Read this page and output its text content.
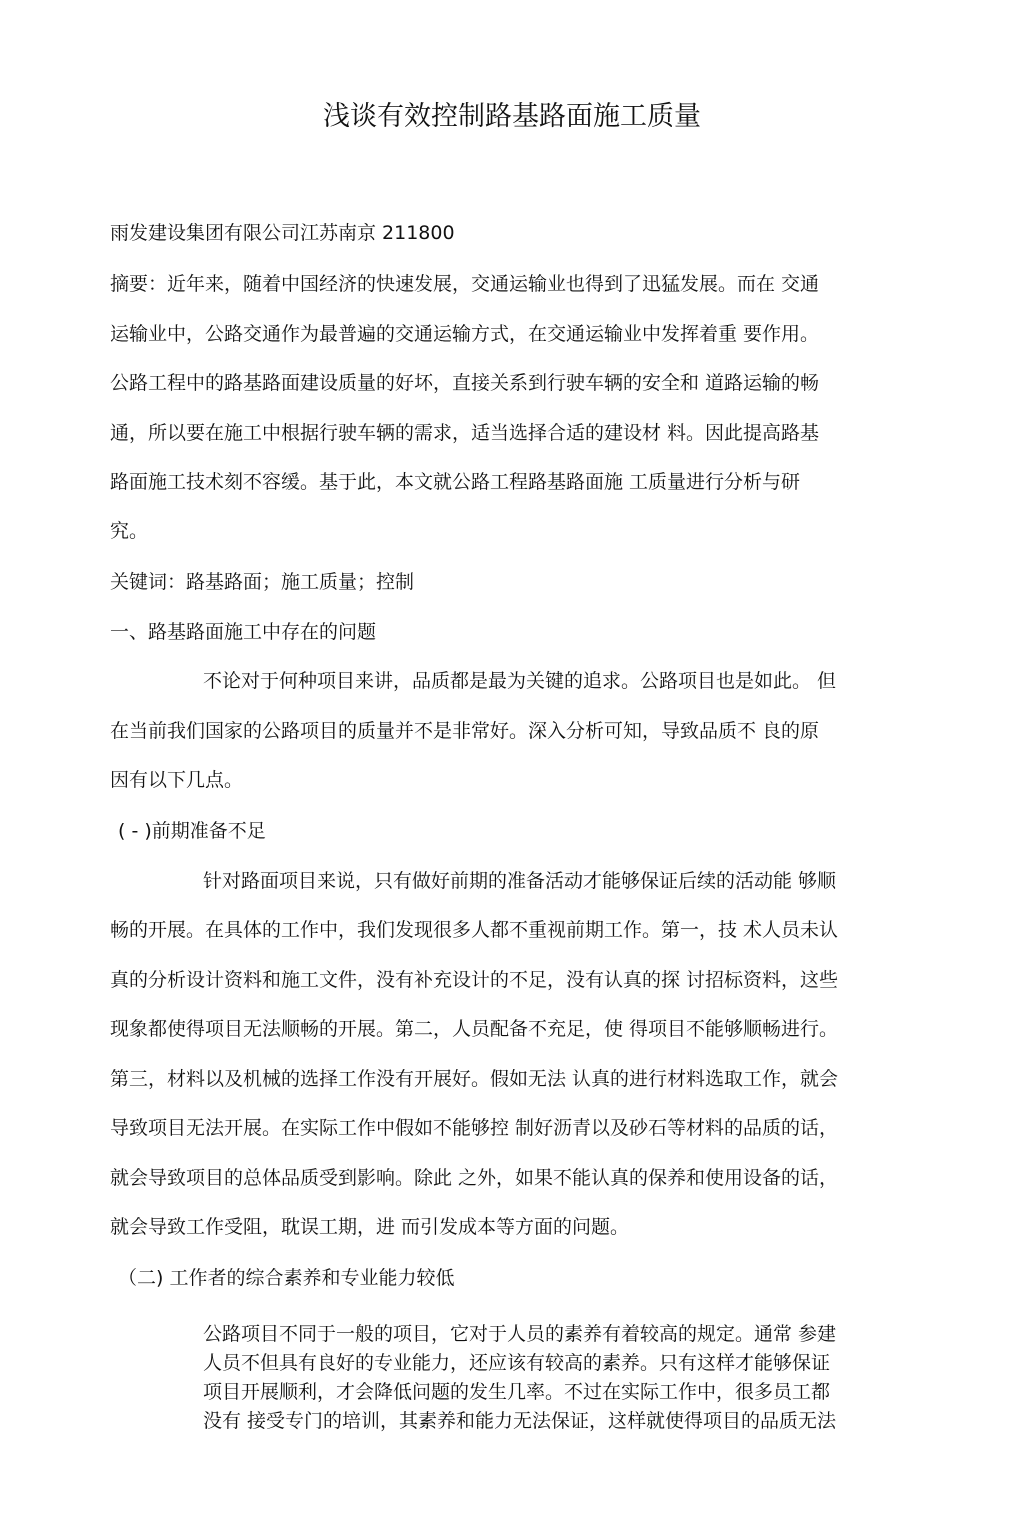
浅谈有效控制路基路面施工质量
雨发建设集团有限公司江苏南京 211800
摘要：近年来，随着中国经济的快速发展，交通运输业也得到了迅猛发展。而在 交通
运输业中，公路交通作为最普遍的交通运输方式，在交通运输业中发挥着重 要作用。
公路工程中的路基路面建设质量的好坏，直接关系到行驶车辆的安全和 道路运输的畅
通，所以要在施工中根据行驶车辆的需求，适当选择合适的建设材 料。因此提高路基
路面施工技术刻不容缓。基于此，本文就公路工程路基路面施 工质量进行分析与研
究。
关键词：路基路面；施工质量；控制
一、路基路面施工中存在的问题
不论对于何种项目来讲，品质都是最为关键的追求。公路项目也是如此。 但
在当前我们国家的公路项目的质量并不是非常好。深入分析可知，导致品质不 良的原
因有以下几点。
( - )前期准备不足
针对路面项目来说，只有做好前期的准备活动才能够保证后续的活动能 够顺
畅的开展。在具体的工作中，我们发现很多人都不重视前期工作。第一，技 术人员未认
真的分析设计资料和施工文件，没有补充设计的不足，没有认真的探 讨招标资料，这些
现象都使得项目无法顺畅的开展。第二，人员配备不充足，使 得项目不能够顺畅进行。
第三，材料以及机械的选择工作没有开展好。假如无法 认真的进行材料选取工作，就会
导致项目无法开展。在实际工作中假如不能够控 制好沥青以及砂石等材料的品质的话，
就会导致项目的总体品质受到影响。除此 之外，如果不能认真的保养和使用设备的话，
就会导致工作受阻，耽误工期，进 而引发成本等方面的问题。
（二) 工作者的综合素养和专业能力较低
公路项目不同于一般的项目，它对于人员的素养有着较高的规定。通常 参建
人员不但具有良好的专业能力，还应该有较高的素养。只有这样才能够保证
项目开展顺利，才会降低问题的发生几率。不过在实际工作中，很多员工都
没有 接受专门的培训，其素养和能力无法保证，这样就使得项目的品质无法
